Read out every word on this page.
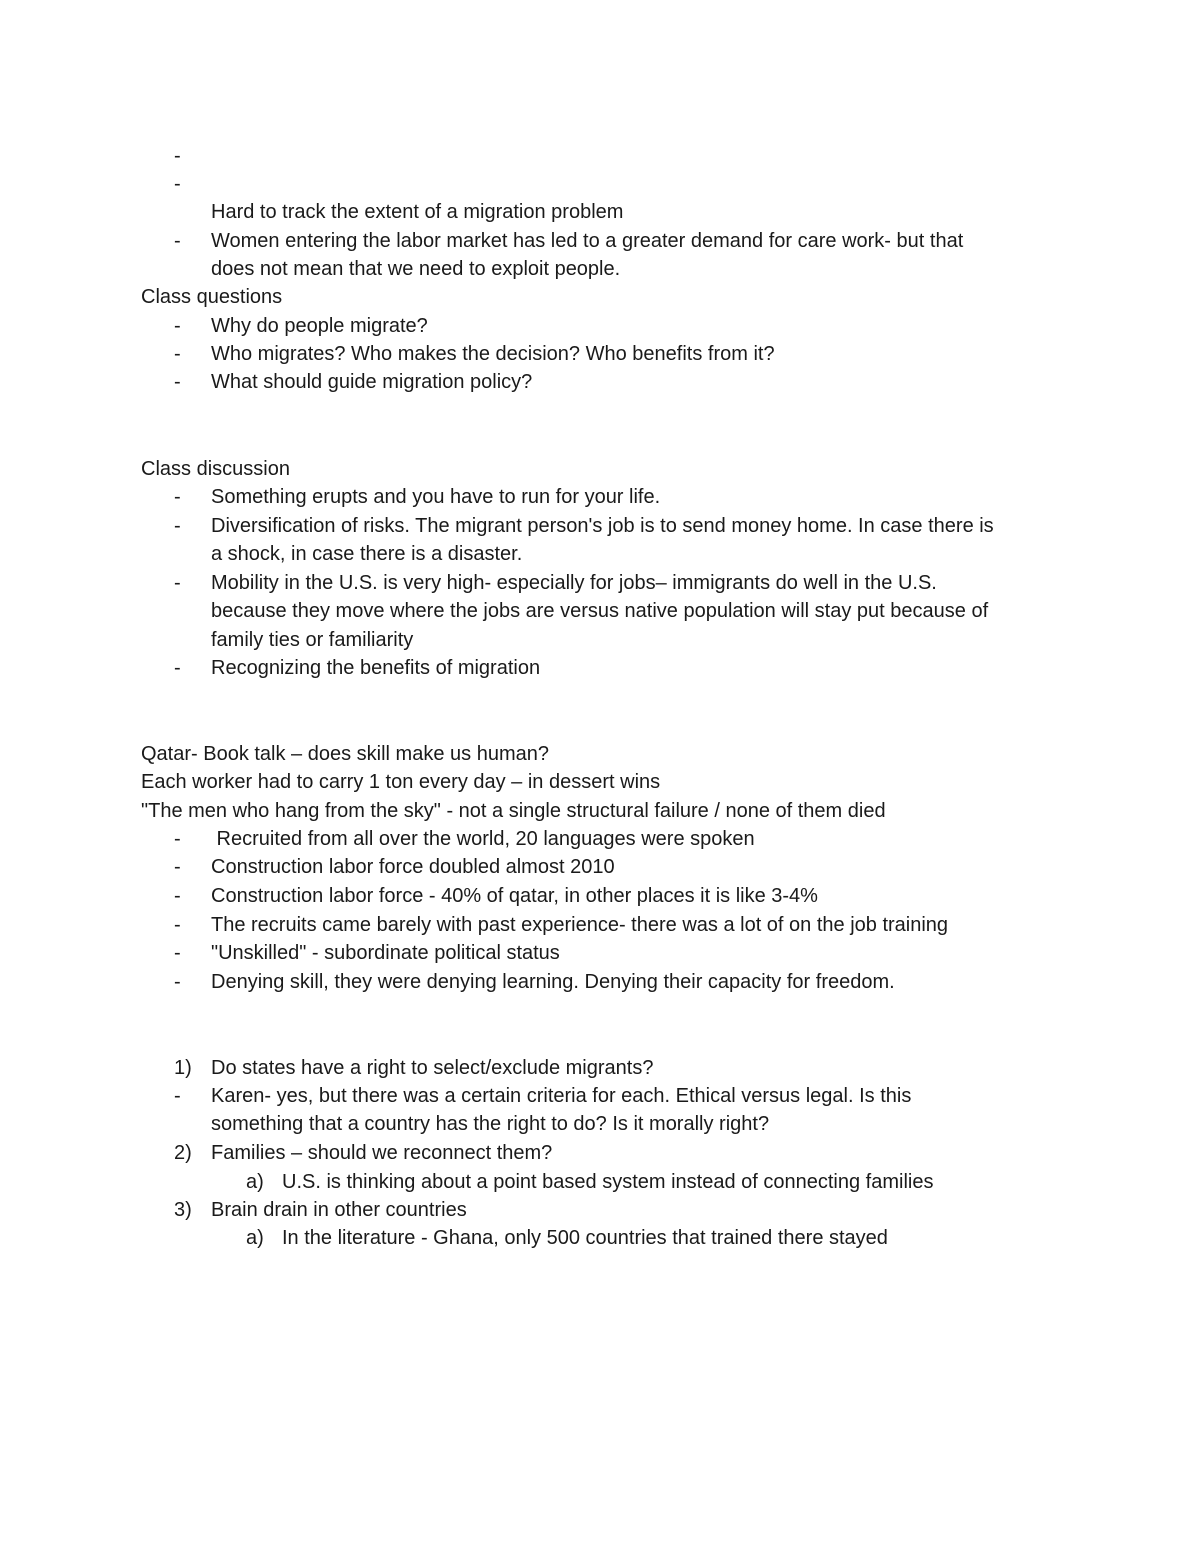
-
-
Hard to track the extent of a migration problem
- Women entering the labor market has led to a greater demand for care work- but that
does not mean that we need to exploit people.
Class questions
- Why do people migrate?
- Who migrates? Who makes the decision? Who benefits from it?
- What should guide migration policy?
Class discussion
- Something erupts and you have to run for your life.
- Diversification of risks. The migrant person's job is to send money home. In case there is
a shock, in case there is a disaster.
- Mobility in the U.S. is very high- especially for jobs– immigrants do well in the U.S.
because they move where the jobs are versus native population will stay put because of
family ties or familiarity
- Recognizing the benefits of migration
Qatar- Book talk – does skill make us human?
Each worker had to carry 1 ton every day – in dessert wins
"The men who hang from the sky" - not a single structural failure / none of them died
- Recruited from all over the world, 20 languages were spoken
- Construction labor force doubled almost 2010
- Construction labor force - 40% of qatar, in other places it is like 3-4%
- The recruits came barely with past experience- there was a lot of on the job training
- "Unskilled" - subordinate political status
- Denying skill, they were denying learning. Denying their capacity for freedom.
1) Do states have a right to select/exclude migrants?
- Karen- yes, but there was a certain criteria for each. Ethical versus legal. Is this
something that a country has the right to do? Is it morally right?
2) Families – should we reconnect them?
a) U.S. is thinking about a point based system instead of connecting families
3) Brain drain in other countries
a) In the literature - Ghana, only 500 countries that trained there stayed
